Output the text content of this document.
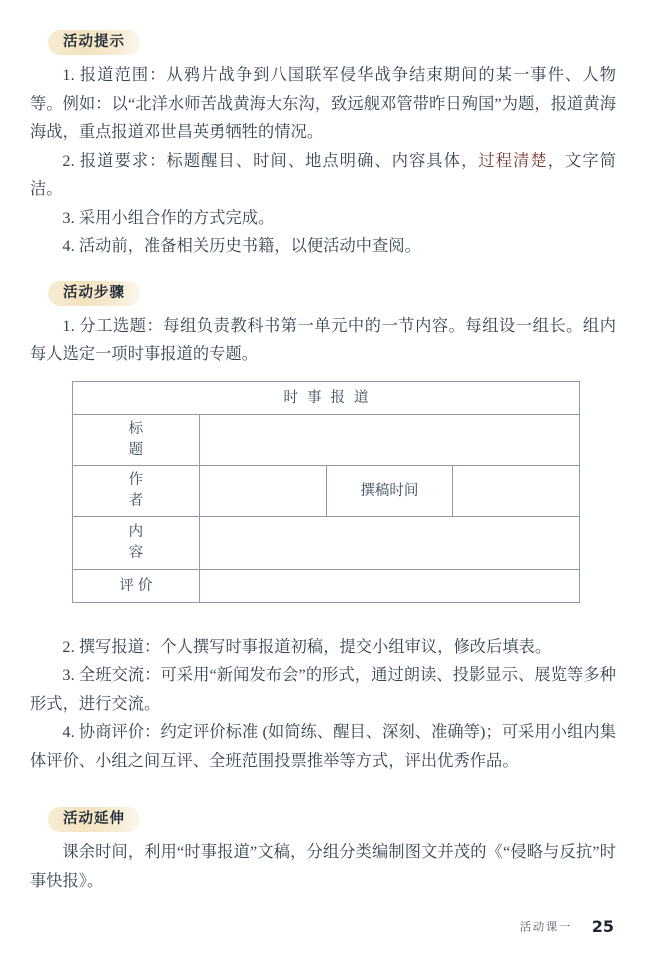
活动提示

1. 报道范围：从鸦片战争到八国联军侵华战争结束期间的某一事件、人物等。例如：以“北洋水师苦战黄海大东沟，致远舰邓管带昨日殉国”为题，报道黄海海战，重点报道邓世昌英勇牺牲的情况。

2. 报道要求：标题醒目、时间、地点明确、内容具体，过程清楚，文字简洁。

3. 采用小组合作的方式完成。

4. 活动前，准备相关历史书籍，以便活动中查阅。

活动步骤

1. 分工选题：每组负责教科书第一单元中的一节内容。每组设一组长。组内每人选定一项时事报道的专题。

时事报道			

标
题			

作
者		撰稿时间	

内
容			

评价			

2. 撰写报道：个人撰写时事报道初稿，提交小组审议，修改后填表。

3. 全班交流：可采用“新闻发布会”的形式，通过朗读、投影显示、展览等多种形式，进行交流。

4. 协商评价：约定评价标准 (如简练、醒目、深刻、准确等)；可采用小组内集体评价、小组之间互评、全班范围投票推举等方式，评出优秀作品。

活动延伸

课余时间，利用“时事报道”文稿，分组分类编制图文并茂的《“侵略与反抗”时事快报》。

活动课一 25
